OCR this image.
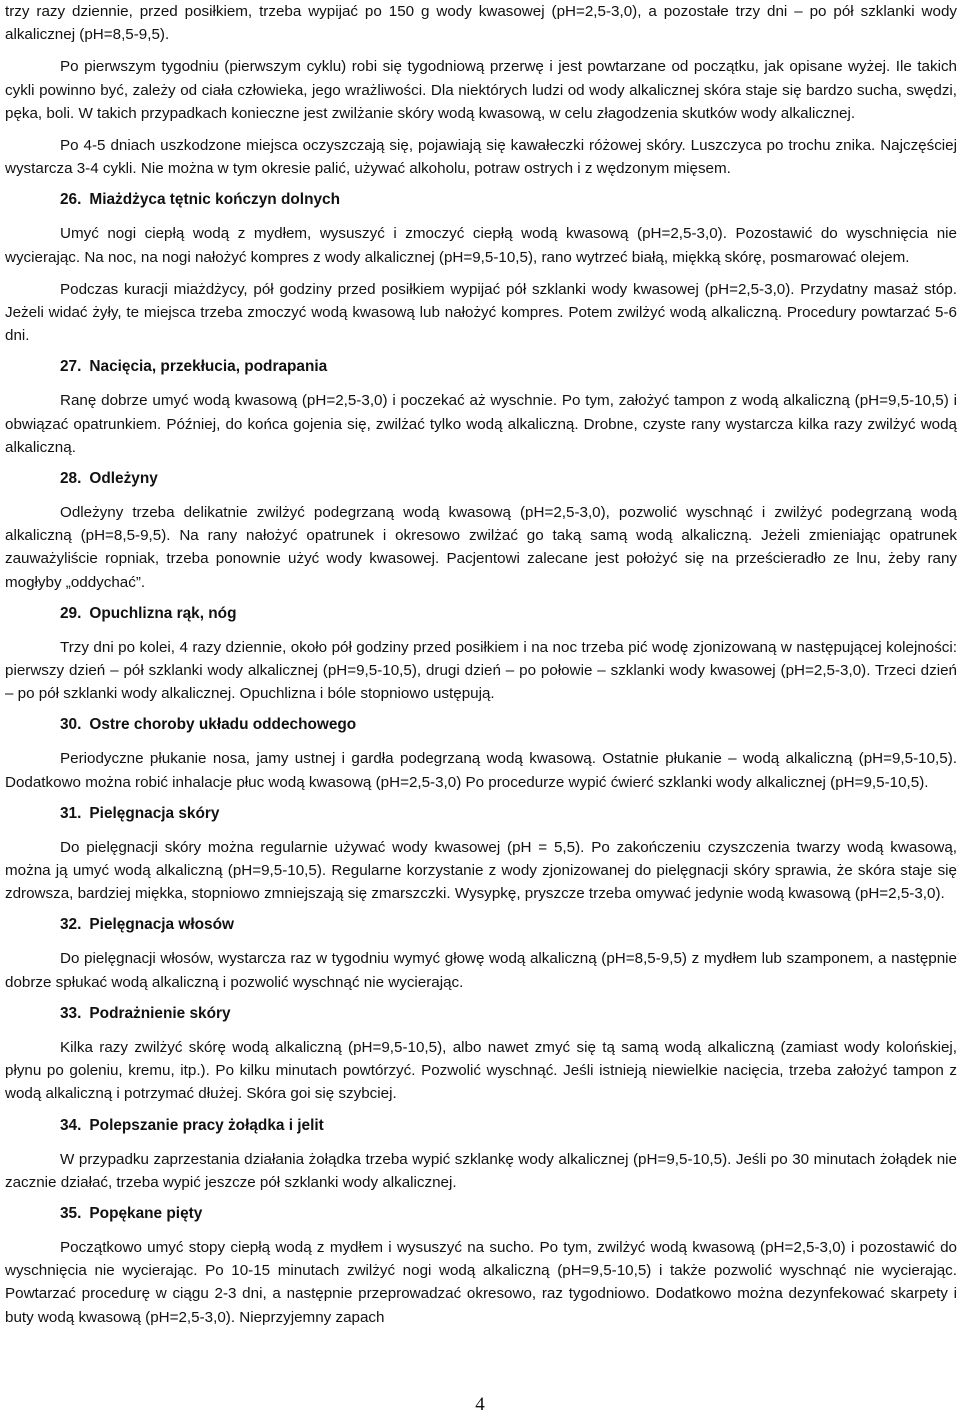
trzy razy dziennie, przed posiłkiem, trzeba wypijać po 150 g wody kwasowej (pH=2,5-3,0), a pozostałe trzy dni – po pół szklanki wody alkalicznej (pH=8,5-9,5).

Po pierwszym tygodniu (pierwszym cyklu) robi się tygodniową przerwę i jest powtarzane od początku, jak opisane wyżej. Ile takich cykli powinno być, zależy od ciała człowieka, jego wrażliwości. Dla niektórych ludzi od wody alkalicznej skóra staje się bardzo sucha, swędzi, pęka, boli. W takich przypadkach konieczne jest zwilżanie skóry wodą kwasową, w celu złagodzenia skutków wody alkalicznej.

Po 4-5 dniach uszkodzone miejsca oczyszczają się, pojawiają się kawałeczki różowej skóry. Luszczyca po trochu znika. Najczęściej wystarcza 3-4 cykli. Nie można w tym okresie palić, używać alkoholu, potraw ostrych i z wędzonym mięsem.

26. Miażdżyca tętnic kończyn dolnych

Umyć nogi ciepłą wodą z mydłem, wysuszyć i zmoczyć ciepłą wodą kwasową (pH=2,5-3,0). Pozostawić do wyschnięcia nie wycierając. Na noc, na nogi nałożyć kompres z wody alkalicznej (pH=9,5-10,5), rano wytrzeć białą, miękką skórę, posmarować olejem.

Podczas kuracji miażdżycy, pół godziny przed posiłkiem wypijać pół szklanki wody kwasowej (pH=2,5-3,0). Przydatny masaż stóp. Jeżeli widać żyły, te miejsca trzeba zmoczyć wodą kwasową lub nałożyć kompres. Potem zwilżyć wodą alkaliczną. Procedury powtarzać 5-6 dni.

27. Nacięcia, przekłucia, podrapania

Ranę dobrze umyć wodą kwasową (pH=2,5-3,0) i poczekać aż wyschnie. Po tym, założyć tampon z wodą alkaliczną (pH=9,5-10,5) i obwiązać opatrunkiem. Później, do końca gojenia się, zwilżać tylko wodą alkaliczną. Drobne, czyste rany wystarcza kilka razy zwilżyć wodą alkaliczną.

28. Odleżyny

Odleżyny trzeba delikatnie zwilżyć podegrzaną wodą kwasową (pH=2,5-3,0), pozwolić wyschnąć i zwilżyć podegrzaną wodą alkaliczną (pH=8,5-9,5). Na rany nałożyć opatrunek i okresowo zwilżać go taką samą wodą alkaliczną. Jeżeli zmieniając opatrunek zauważyliście ropniak, trzeba ponownie użyć wody kwasowej. Pacjentowi zalecane jest położyć się na prześcieradło ze lnu, żeby rany mogłyby „oddychać”.

29. Opuchlizna rąk, nóg

Trzy dni po kolei, 4 razy dziennie, około pół godziny przed posiłkiem i na noc trzeba pić wodę zjonizowaną w następującej kolejności: pierwszy dzień – pół szklanki wody alkalicznej (pH=9,5-10,5), drugi dzień – po połowie – szklanki wody kwasowej (pH=2,5-3,0). Trzeci dzień – po pół szklanki wody alkalicznej. Opuchlizna i bóle stopniowo ustępują.

30. Ostre choroby układu oddechowego

Periodyczne płukanie nosa, jamy ustnej i gardła podegrzaną wodą kwasową. Ostatnie płukanie – wodą alkaliczną (pH=9,5-10,5). Dodatkowo można robić inhalacje płuc wodą kwasową (pH=2,5-3,0) Po procedurze wypić ćwierć szklanki wody alkalicznej (pH=9,5-10,5).

31. Pielęgnacja skóry

Do pielęgnacji skóry można regularnie używać wody kwasowej (pH = 5,5). Po zakończeniu czyszczenia twarzy wodą kwasową, można ją umyć wodą alkaliczną (pH=9,5-10,5). Regularne korzystanie z wody zjonizowanej do pielęgnacji skóry sprawia, że skóra staje się zdrowsza, bardziej miękka, stopniowo zmniejszają się zmarszczki. Wysypkę, pryszcze trzeba omywać jedynie wodą kwasową (pH=2,5-3,0).

32. Pielęgnacja włosów

Do pielęgnacji włosów, wystarcza raz w tygodniu wymyć głowę wodą alkaliczną (pH=8,5-9,5) z mydłem lub szamponem, a następnie dobrze spłukać wodą alkaliczną i pozwolić wyschnąć nie wycierając.

33. Podrażnienie skóry

Kilka razy zwilżyć skórę wodą alkaliczną (pH=9,5-10,5), albo nawet zmyć się tą samą wodą alkaliczną (zamiast wody kolońskiej, płynu po goleniu, kremu, itp.). Po kilku minutach powtórzyć. Pozwolić wyschnąć. Jeśli istnieją niewielkie nacięcia, trzeba założyć tampon z wodą alkaliczną i potrzymać dłużej. Skóra goi się szybciej.

34. Polepszanie pracy żołądka i jelit

W przypadku zaprzestania działania żołądka trzeba wypić szklankę wody alkalicznej (pH=9,5-10,5). Jeśli po 30 minutach żołądek nie zacznie działać, trzeba wypić jeszcze pół szklanki wody alkalicznej.

35. Popękane pięty

Początkowo umyć stopy ciepłą wodą z mydłem i wysuszyć na sucho. Po tym, zwilżyć wodą kwasową (pH=2,5-3,0) i pozostawić do wyschnięcia nie wycierając. Po 10-15 minutach zwilżyć nogi wodą alkaliczną (pH=9,5-10,5) i także pozwolić wyschnąć nie wycierając. Powtarzać procedurę w ciągu 2-3 dni, a następnie przeprowadzać okresowo, raz tygodniowo. Dodatkowo można dezynfekować skarpety i buty wodą kwasową (pH=2,5-3,0). Nieprzyjemny zapach

4
